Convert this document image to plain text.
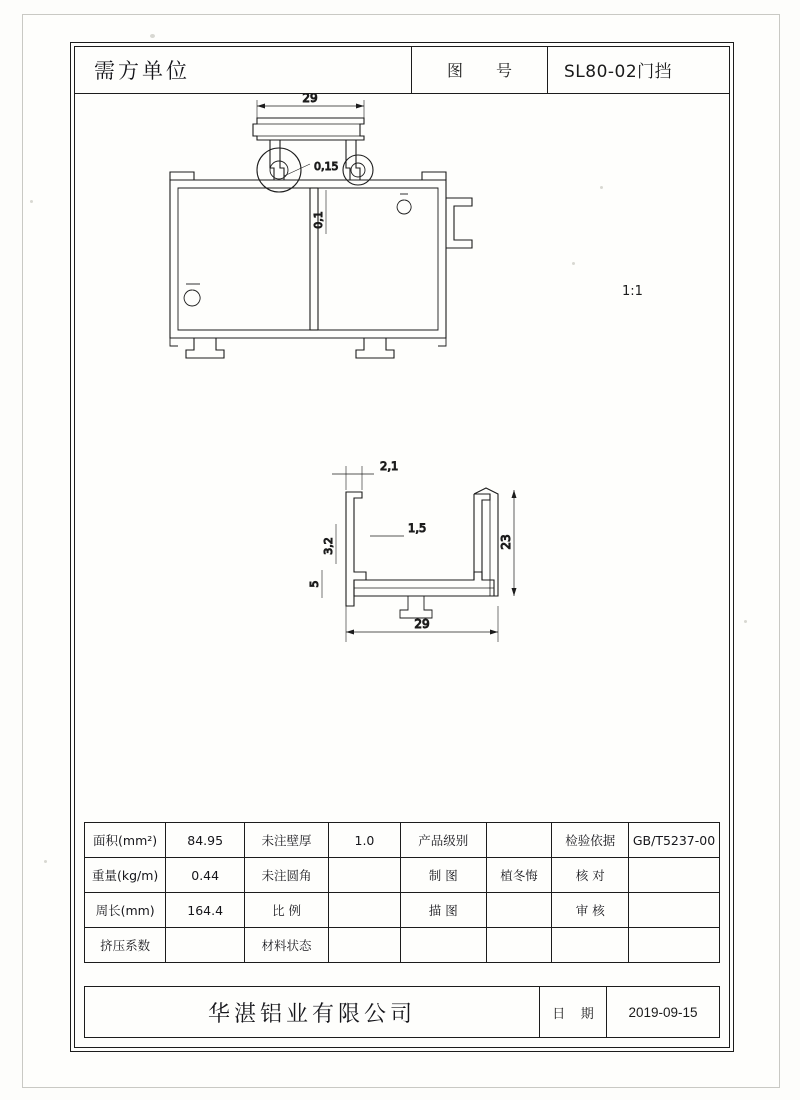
需方单位	图 号	SL80-02门挡
1:1
29
0,15
0,1
2,1
3,2
1,5
5
23
29
面积(mm²)	84.95	未注壁厚	1.0	产品级别		检验依据	GB/T5237-00
重量(kg/m)	0.44	未注圆角		制 图	植冬悔	核 对	
周长(mm)	164.4	比 例		描 图		审 核	
挤压系数		材料状态					
华湛铝业有限公司	日 期	2019-09-15
